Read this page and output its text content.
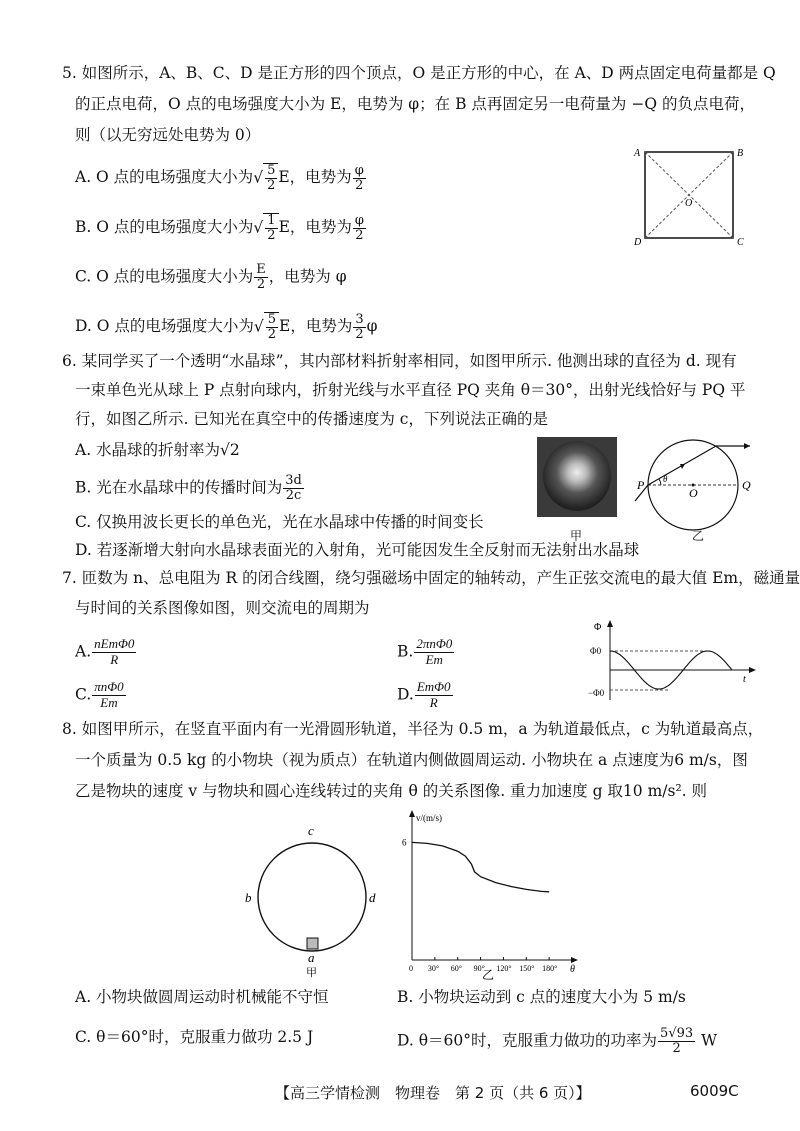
5. 如图所示，A、B、C、D 是正方形的四个顶点，O 是正方形的中心，在 A、D 两点固定电荷量都是 Q
的正点电荷，O 点的电场强度大小为 E，电势为 φ；在 B 点再固定另一电荷量为 −Q 的负点电荷，
则（以无穷远处电势为 0）
A. O 点的电场强度大小为√ $\frac{5}{2}$ E，电势为 $\frac{\varphi}{2}$
B. O 点的电场强度大小为√ $\frac{1}{2}$ E，电势为 $\frac{\varphi}{2}$
C. O 点的电场强度大小为 $\frac{E}{2}$ ，电势为 φ
D. O 点的电场强度大小为√ $\frac{5}{2}$ E，电势为 $\frac{3}{2}$ φ
A	B
C
D
O
6. 某同学买了一个透明“水晶球”，其内部材料折射率相同，如图甲所示. 他测出球的直径为 d. 现有
一束单色光从球上 P 点射向球内，折射光线与水平直径 PQ 夹角 θ＝30°，出射光线恰好与 PQ 平
行，如图乙所示. 已知光在真空中的传播速度为 c，下列说法正确的是
A. 水晶球的折射率为√2
B. 光在水晶球中的传播时间为 $\frac{3d}{2c}$
C. 仅换用波长更长的单色光，光在水晶球中传播的时间变长
D. 若逐渐增大射向水晶球表面光的入射角，光可能因发生全反射而无法射出水晶球
甲
P	Q
O
θ
乙
7. 匝数为 n、总电阻为 R 的闭合线圈，绕匀强磁场中固定的轴转动，产生正弦交流电的最大值 Em，磁通量
与时间的关系图像如图，则交流电的周期为
A. $\frac{\text{nEmΦ0}}{R}$	B. $\frac{\text{2πnΦ0}}{Em}$
C. $\frac{\text{πnΦ0}}{Em}$	D. $\frac{\text{EmΦ0}}{R}$
Φ
t
Φ0
−Φ0
8. 如图甲所示，在竖直平面内有一光滑圆形轨道，半径为 0.5 m，a 为轨道最低点，c 为轨道最高点，
一个质量为 0.5 kg 的小物块（视为质点）在轨道内侧做圆周运动. 小物块在 a 点速度为6 m/s，图
乙是物块的速度 v 与物块和圆心连线转过的夹角 θ 的关系图像. 重力加速度 g 取10 m/s². 则
c
b	d
a
甲
v/(m/s)
θ
0 30° 60° 90° 120° 150° 180°
6
乙
A. 小物块做圆周运动时机械能不守恒	B. 小物块运动到 c 点的速度大小为 5 m/s
C. θ＝60°时，克服重力做功 2.5 J	D. θ＝60°时，克服重力做功的功率为 $\frac{5√93}{2}$ W
【高三学情检测　物理卷　第 2 页（共 6 页）】	6009C
